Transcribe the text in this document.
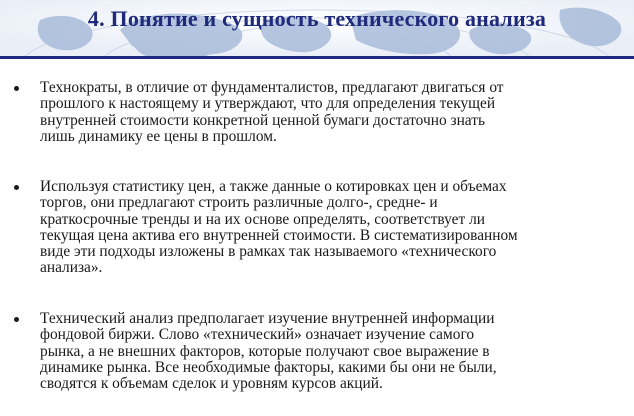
4. Понятие и сущность технического анализа
Технократы, в отличие от фундаменталистов, предлагают двигаться от
прошлого к настоящему и утверждают, что для определения текущей
внутренней стоимости конкретной ценной бумаги достаточно знать
лишь динамику ее цены в прошлом.
Используя статистику цен, а также данные о котировках цен и объемах
торгов, они предлагают строить различные долго-, средне- и
краткосрочные тренды и на их основе определять, соответствует ли
текущая цена актива его внутренней стоимости. В систематизированном
виде эти подходы изложены в рамках так называемого «технического
анализа».
Технический анализ предполагает изучение внутренней информации
фондовой биржи. Слово «технический» означает изучение самого
рынка, а не внешних факторов, которые получают свое выражение в
динамике рынка. Все необходимые факторы, какими бы они не были,
сводятся к объемам сделок и уровням курсов акций.
